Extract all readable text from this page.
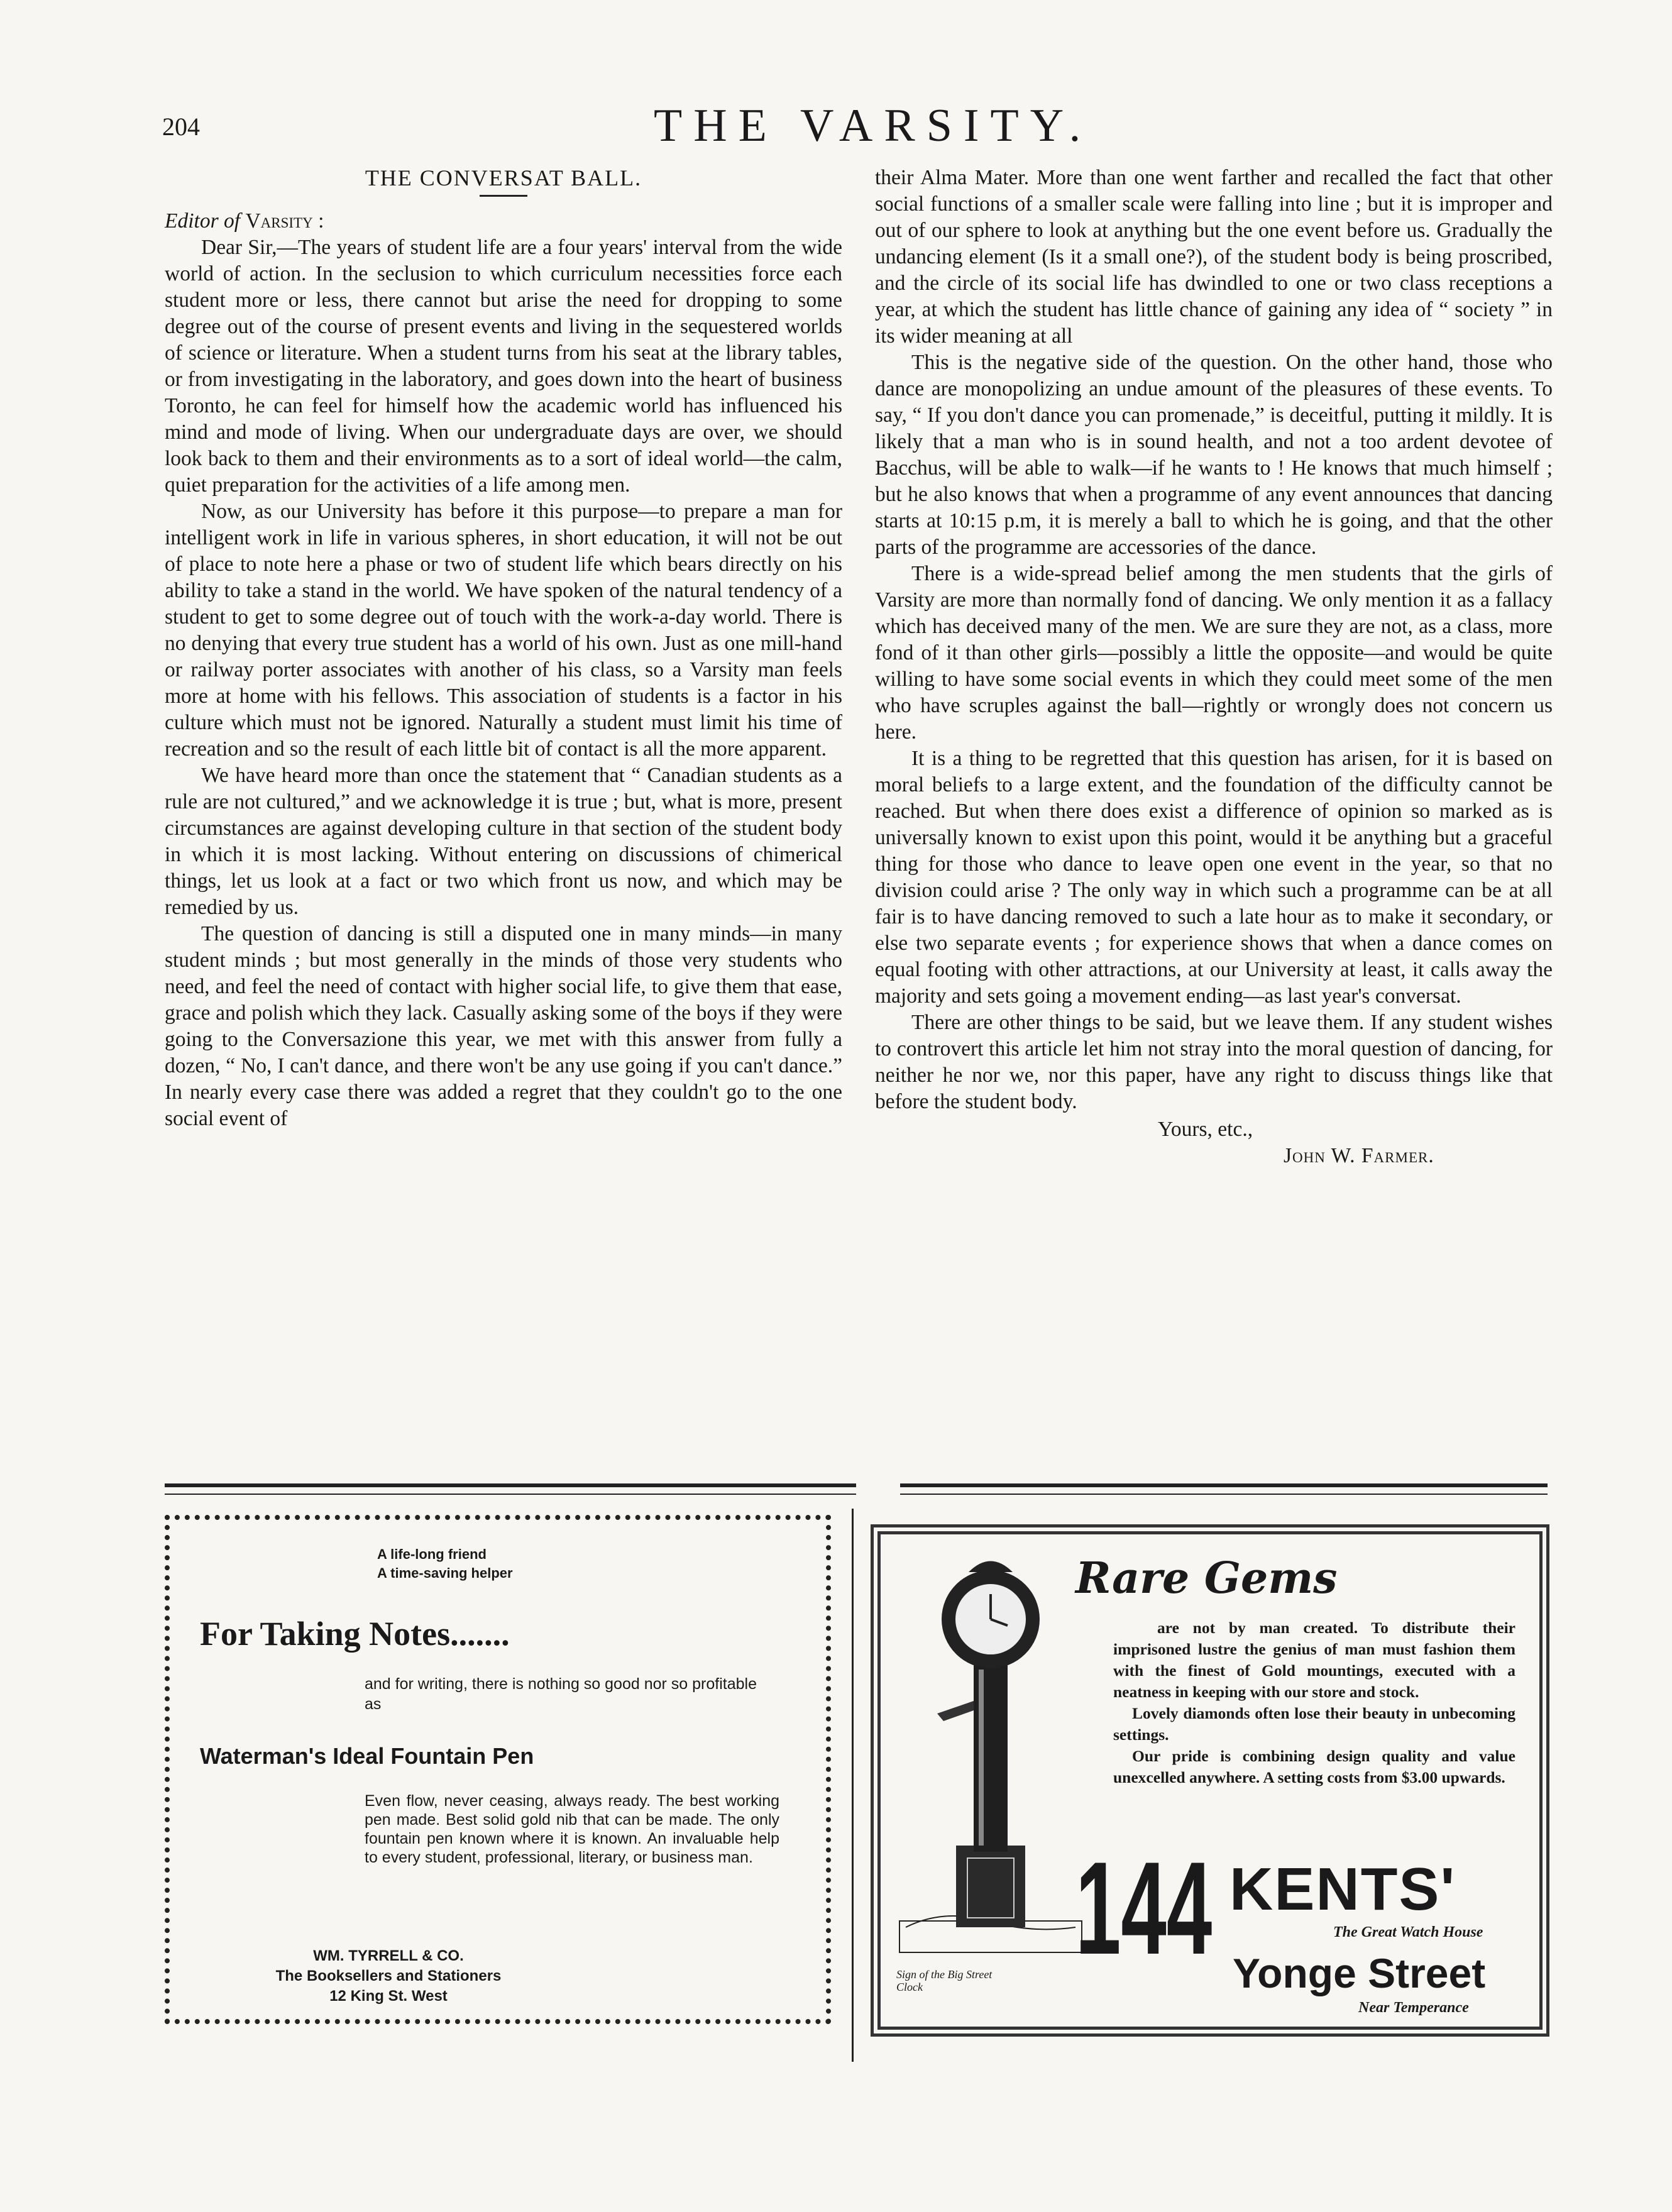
204	THE VARSITY.
THE CONVERSAT BALL.

Editor of Varsity :

Dear Sir,—The years of student life are a four years' interval from the wide world of action. In the seclusion to which curriculum necessities force each student more or less, there cannot but arise the need for dropping to some degree out of the course of present events and living in the sequestered worlds of science or literature. When a student turns from his seat at the library tables, or from investigating in the laboratory, and goes down into the heart of business Toronto, he can feel for himself how the academic world has influenced his mind and mode of living. When our undergraduate days are over, we should look back to them and their environments as to a sort of ideal world—the calm, quiet preparation for the activities of a life among men.

Now, as our University has before it this purpose—to prepare a man for intelligent work in life in various spheres, in short education, it will not be out of place to note here a phase or two of student life which bears directly on his ability to take a stand in the world. We have spoken of the natural tendency of a student to get to some degree out of touch with the work-a-day world. There is no denying that every true student has a world of his own. Just as one mill-hand or railway porter associates with another of his class, so a Varsity man feels more at home with his fellows. This association of students is a factor in his culture which must not be ignored. Naturally a student must limit his time of recreation and so the result of each little bit of contact is all the more apparent.

We have heard more than once the statement that “ Canadian students as a rule are not cultured,” and we acknowledge it is true ; but, what is more, present circumstances are against developing culture in that section of the student body in which it is most lacking. Without entering on discussions of chimerical things, let us look at a fact or two which front us now, and which may be remedied by us.

The question of dancing is still a disputed one in many minds—in many student minds ; but most generally in the minds of those very students who need, and feel the need of contact with higher social life, to give them that ease, grace and polish which they lack. Casually asking some of the boys if they were going to the Conversazione this year, we met with this answer from fully a dozen, “ No, I can't dance, and there won't be any use going if you can't dance.” In nearly every case there was added a regret that they couldn't go to the one social event of

their Alma Mater. More than one went farther and recalled the fact that other social functions of a smaller scale were falling into line ; but it is improper and out of our sphere to look at anything but the one event before us. Gradually the undancing element (Is it a small one?), of the student body is being proscribed, and the circle of its social life has dwindled to one or two class receptions a year, at which the student has little chance of gaining any idea of “ society ” in its wider meaning at all

This is the negative side of the question. On the other hand, those who dance are monopolizing an undue amount of the pleasures of these events. To say, “ If you don't dance you can promenade,” is deceitful, putting it mildly. It is likely that a man who is in sound health, and not a too ardent devotee of Bacchus, will be able to walk—if he wants to ! He knows that much himself ; but he also knows that when a programme of any event announces that dancing starts at 10:15 p.m, it is merely a ball to which he is going, and that the other parts of the programme are accessories of the dance.

There is a wide-spread belief among the men students that the girls of Varsity are more than normally fond of dancing. We only mention it as a fallacy which has deceived many of the men. We are sure they are not, as a class, more fond of it than other girls—possibly a little the opposite—and would be quite willing to have some social events in which they could meet some of the men who have scruples against the ball—rightly or wrongly does not concern us here.

It is a thing to be regretted that this question has arisen, for it is based on moral beliefs to a large extent, and the foundation of the difficulty cannot be reached. But when there does exist a difference of opinion so marked as is universally known to exist upon this point, would it be anything but a graceful thing for those who dance to leave open one event in the year, so that no division could arise ? The only way in which such a programme can be at all fair is to have dancing removed to such a late hour as to make it secondary, or else two separate events ; for experience shows that when a dance comes on equal footing with other attractions, at our University at least, it calls away the majority and sets going a movement ending—as last year's conversat.

There are other things to be said, but we leave them. If any student wishes to controvert this article let him not stray into the moral question of dancing, for neither he nor we, nor this paper, have any right to discuss things like that before the student body.

Yours, etc.,
John W. Farmer.
A life-long friend
A time-saving helper
For Taking Notes.......
and for writing, there is nothing so good nor so profitable as
Waterman's Ideal Fountain Pen
Even flow, never ceasing, always ready. The best working pen made. Best solid gold nib that can be made. The only fountain pen known where it is known. An invaluable help to every student, professional, literary, or business man.
WM. TYRRELL & CO.
The Booksellers and Stationers
12 King St. West
Rare Gems

are not by man created. To distribute their imprisoned lustre the genius of man must fashion them with the finest of Gold mountings, executed with a neatness in keeping with our store and stock.

Lovely diamonds often lose their beauty in unbecoming settings.

Our pride is combining design quality and value unexcelled anywhere. A setting costs from $3.00 upwards.

144 KENTS'
The Great Watch House
Yonge Street
Near Temperance
Sign of the Big Street Clock
